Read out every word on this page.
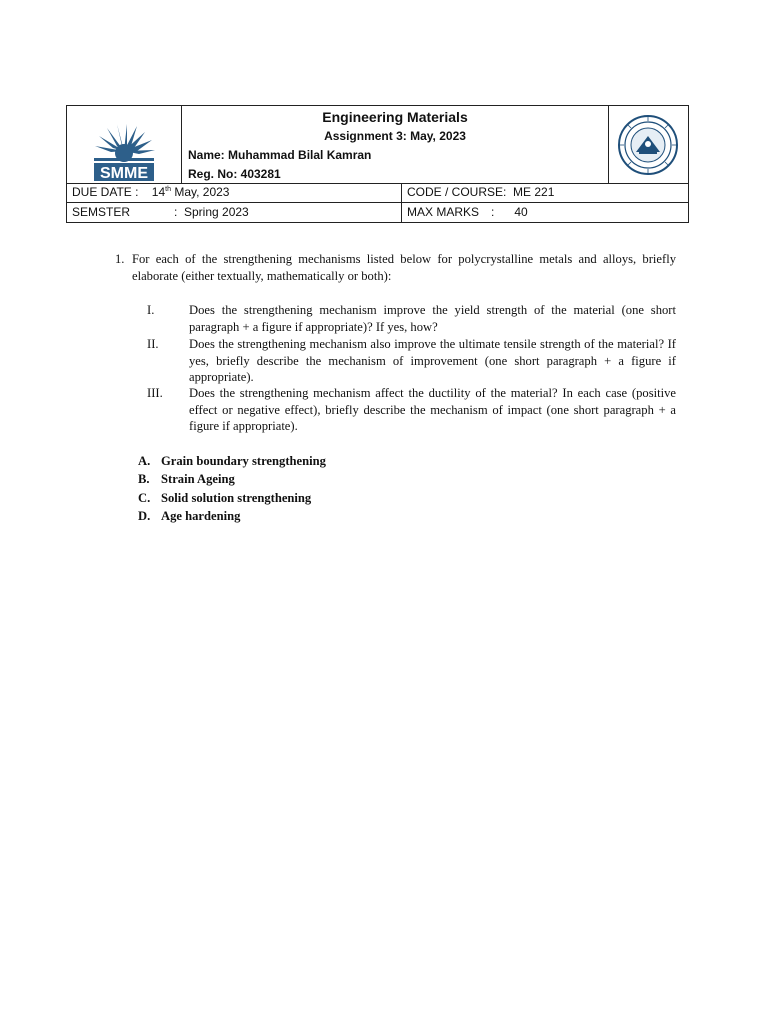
SMME

Engineering Materials
Assignment 3: May, 2023
Name: Muhammad Bilal Kamran
Reg. No: 403281

DUE DATE : 14th May, 2023	CODE / COURSE:  ME 221
SEMSTER	:  Spring 2023	MAX MARKS :      40
1. For each of the strengthening mechanisms listed below for polycrystalline metals and alloys, briefly elaborate (either textually, mathematically or both):
I.	Does the strengthening mechanism improve the yield strength of the material (one short paragraph + a figure if appropriate)? If yes, how?
II. Does the strengthening mechanism also improve the ultimate tensile strength of the material? If yes, briefly describe the mechanism of improvement (one short paragraph + a figure if appropriate).
III. Does the strengthening mechanism affect the ductility of the material? In each case (positive effect or negative effect), briefly describe the mechanism of impact (one short paragraph + a figure if appropriate).
A. Grain boundary strengthening
B. Strain Ageing
C. Solid solution strengthening
D. Age hardening
